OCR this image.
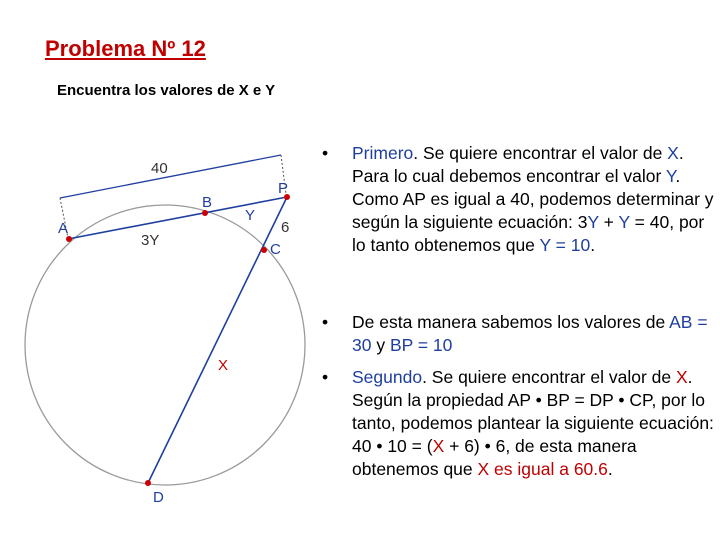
Problema Nº 12
Encuentra los valores de X e Y
40
A
B
P
Y
6
3Y
C
X
D

• Primero. Se quiere encontrar el valor de X. Para lo cual debemos encontrar el valor Y. Como AP es igual a 40, podemos determinar y según la siguiente ecuación: 3Y + Y = 40, por lo tanto obtenemos que Y = 10.

• De esta manera sabemos los valores de AB = 30 y BP = 10

• Segundo. Se quiere encontrar el valor de X. Según la propiedad AP • BP = DP • CP, por lo tanto, podemos plantear la siguiente ecuación: 40 • 10 = (X + 6) • 6, de esta manera obtenemos que X es igual a 60.6.
